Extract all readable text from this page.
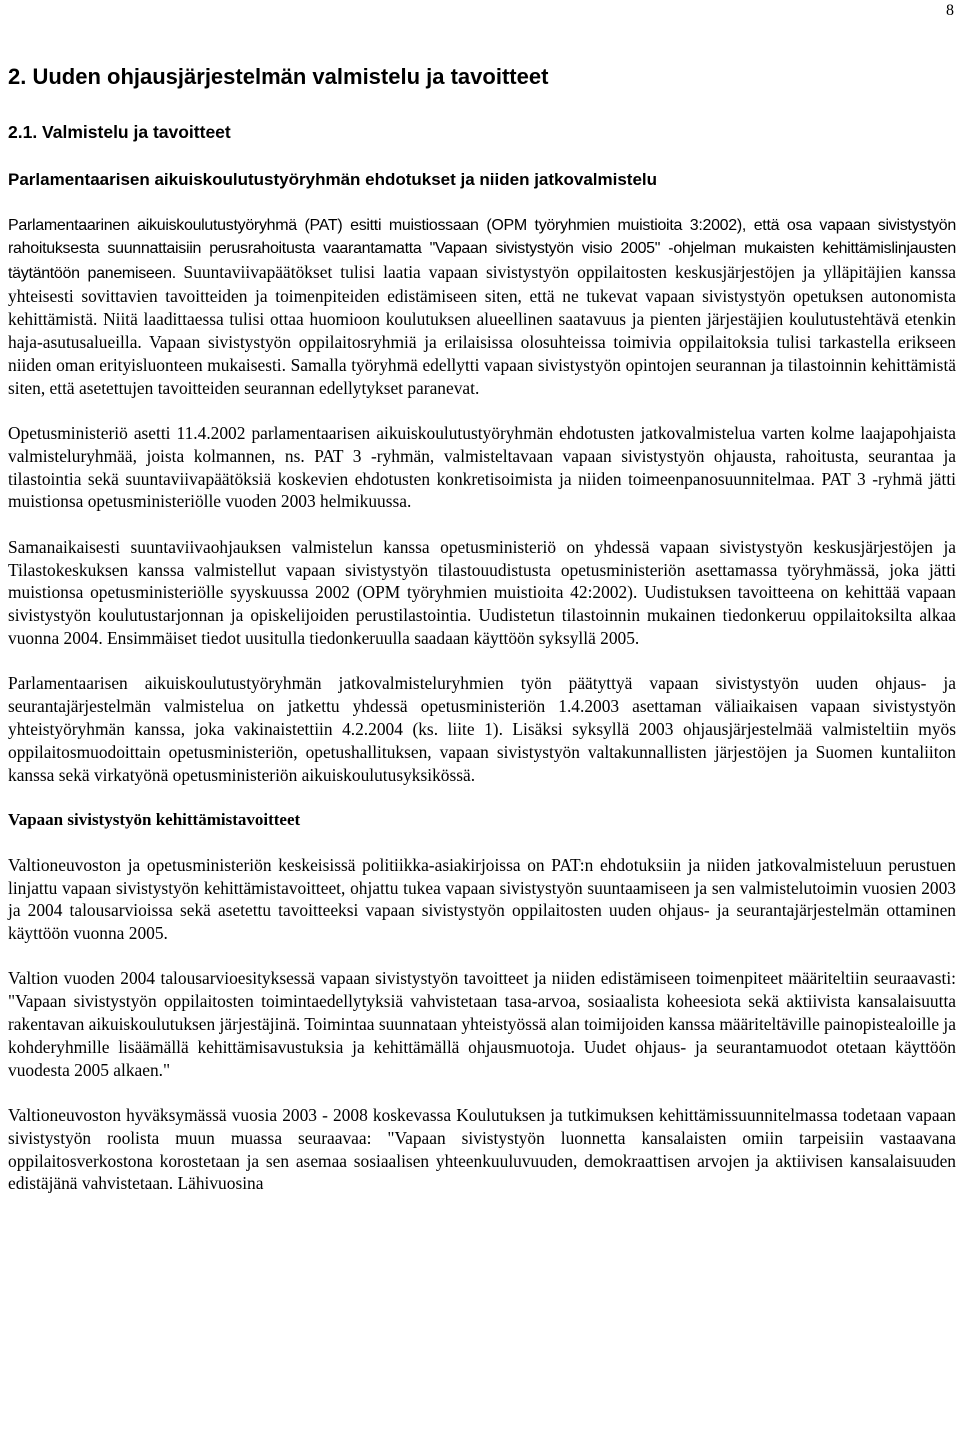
8
2. Uuden ohjausjärjestelmän valmistelu ja tavoitteet
2.1. Valmistelu ja tavoitteet
Parlamentaarisen aikuiskoulutustyöryhmän ehdotukset ja niiden jatkovalmistelu

Parlamentaarinen aikuiskoulutustyöryhmä (PAT) esitti muistiossaan (OPM työryhmien muistioita 3:2002), että osa vapaan sivistystyön rahoituksesta suunnattaisiin perusrahoitusta vaarantamatta "Vapaan sivistystyön visio 2005" -ohjelman mukaisten kehittämislinjausten täytäntöön panemiseen. Suuntaviivapäätökset tulisi laatia vapaan sivistystyön oppilaitosten keskusjärjestöjen ja ylläpitäjien kanssa yhteisesti sovittavien tavoitteiden ja toimenpiteiden edistämiseen siten, että ne tukevat vapaan sivistystyön opetuksen autonomista kehittämistä. Niitä laadittaessa tulisi ottaa huomioon koulutuksen alueellinen saatavuus ja pienten järjestäjien koulutustehtävä etenkin haja-asutusalueilla. Vapaan sivistystyön oppilaitosryhmiä ja erilaisissa olosuhteissa toimivia oppilaitoksia tulisi tarkastella erikseen niiden oman erityisluonteen mukaisesti. Samalla työryhmä edellytti vapaan sivistystyön opintojen seurannan ja tilastoinnin kehittämistä siten, että asetettujen tavoitteiden seurannan edellytykset paranevat.

Opetusministeriö asetti 11.4.2002 parlamentaarisen aikuiskoulutustyöryhmän ehdotusten jatkovalmistelua varten kolme laajapohjaista valmisteluryhmää, joista kolmannen, ns. PAT 3 -ryhmän, valmisteltavaan vapaan sivistystyön ohjausta, rahoitusta, seurantaa ja tilastointia sekä suuntaviivapäätöksiä koskevien ehdotusten konkretisoimista ja niiden toimeenpanosuunnitelmaa. PAT 3 -ryhmä jätti muistionsa opetusministeriölle vuoden 2003 helmikuussa.

Samanaikaisesti suuntaviivaohjauksen valmistelun kanssa opetusministeriö on yhdessä vapaan sivistystyön keskusjärjestöjen ja Tilastokeskuksen kanssa valmistellut vapaan sivistystyön tilastouudistusta opetusministeriön asettamassa työryhmässä, joka jätti muistionsa opetusministeriölle syyskuussa 2002 (OPM työryhmien muistioita 42:2002). Uudistuksen tavoitteena on kehittää vapaan sivistystyön koulutustarjonnan ja opiskelijoiden perustilastointia. Uudistetun tilastoinnin mukainen tiedonkeruu oppilaitoksilta alkaa vuonna 2004. Ensimmäiset tiedot uusitulla tiedonkeruulla saadaan käyttöön syksyllä 2005.

Parlamentaarisen aikuiskoulutustyöryhmän jatkovalmisteluryhmien työn päätyttyä vapaan sivistystyön uuden ohjaus- ja seurantajärjestelmän valmistelua on jatkettu yhdessä opetusministeriön 1.4.2003 asettaman väliaikaisen vapaan sivistystyön yhteistyöryhmän kanssa, joka vakinaistettiin 4.2.2004 (ks. liite 1). Lisäksi syksyllä 2003 ohjausjärjestelmää valmisteltiin myös oppilaitosmuodoittain opetusministeriön, opetushallituksen, vapaan sivistystyön valtakunnallisten järjestöjen ja Suomen kuntaliiton kanssa sekä virkatyönä opetusministeriön aikuiskoulutusyksikössä.

Vapaan sivistystyön kehittämistavoitteet

Valtioneuvoston ja opetusministeriön keskeisissä politiikka-asiakirjoissa on PAT:n ehdotuksiin ja niiden jatkovalmisteluun perustuen linjattu vapaan sivistystyön kehittämistavoitteet, ohjattu tukea vapaan sivistystyön suuntaamiseen ja sen valmistelutoimin vuosien 2003 ja 2004 talousarvioissa sekä asetettu tavoitteeksi vapaan sivistystyön oppilaitosten uuden ohjaus- ja seurantajärjestelmän ottaminen käyttöön vuonna 2005.

Valtion vuoden 2004 talousarvioesityksessä vapaan sivistystyön tavoitteet ja niiden edistämiseen toimenpiteet määriteltiin seuraavasti: "Vapaan sivistystyön oppilaitosten toimintaedellytyksiä vahvistetaan tasa-arvoa, sosiaalista koheesiota sekä aktiivista kansalaisuutta rakentavan aikuiskoulutuksen järjestäjinä. Toimintaa suunnataan yhteistyössä alan toimijoiden kanssa määriteltäville painopistealoille ja kohderyhmille lisäämällä kehittämisavustuksia ja kehittämällä ohjausmuotoja. Uudet ohjaus- ja seurantamuodot otetaan käyttöön vuodesta 2005 alkaen."

Valtioneuvoston hyväksymässä vuosia 2003 - 2008 koskevassa Koulutuksen ja tutkimuksen kehittämissuunnitelmassa todetaan vapaan sivistystyön roolista muun muassa seuraavaa: "Vapaan sivistystyön luonnetta kansalaisten omiin tarpeisiin vastaavana oppilaitosverkostona korostetaan ja sen asemaa sosiaalisen yhteenkuuluvuuden, demokraattisen arvojen ja aktiivisen kansalaisuuden edistäjänä vahvistetaan. Lähivuosina
